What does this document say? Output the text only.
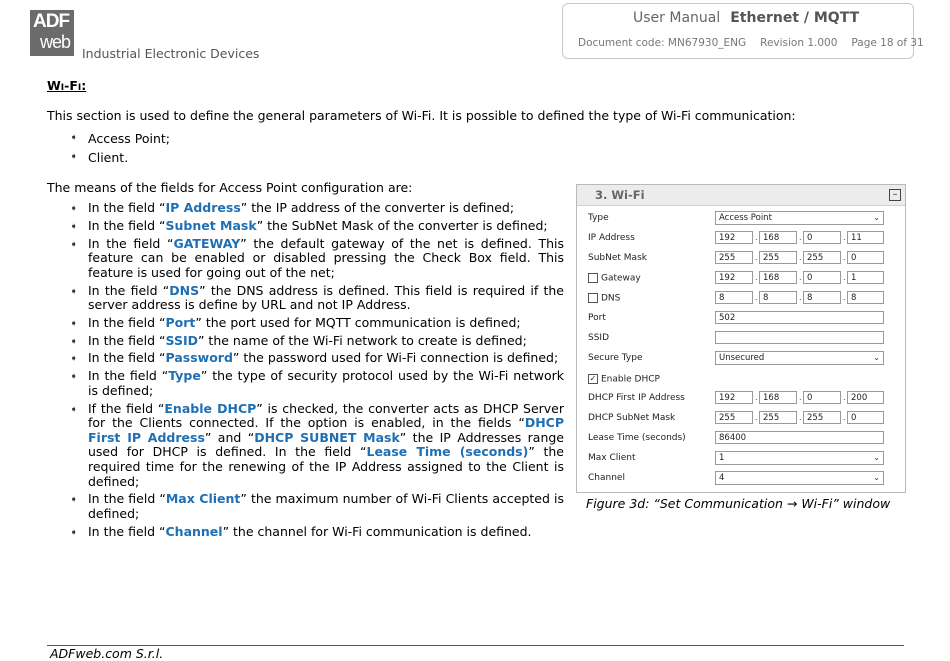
ADF
web
Industrial Electronic Devices
User Manual Ethernet / MQTT
Document code: MN67930_ENG Revision 1.000 Page 18 of 31
Wi-Fi:
This section is used to define the general parameters of Wi-Fi. It is possible to defined the type of Wi-Fi communication:
➧ Access Point;
➧ Client.
The means of the fields for Access Point configuration are:
➧ In the field “IP Address” the IP address of the converter is defined;
➧ In the field “Subnet Mask” the SubNet Mask of the converter is defined;
➧ In the field “GATEWAY” the default gateway of the net is defined. This feature can be enabled or disabled pressing the Check Box field. This feature is used for going out of the net;
➧ In the field “DNS” the DNS address is defined. This field is required if the server address is define by URL and not IP Address.
➧ In the field “Port” the port used for MQTT communication is defined;
➧ In the field “SSID” the name of the Wi-Fi network to create is defined;
➧ In the field “Password” the password used for Wi-Fi connection is defined;
➧ In the field “Type” the type of security protocol used by the Wi-Fi network is defined;
➧ If the field “Enable DHCP” is checked, the converter acts as DHCP Server for the Clients connected. If the option is enabled, in the fields “DHCP First IP Address” and “DHCP SUBNET Mask” the IP Addresses range used for DHCP is defined. In the field “Lease Time (seconds)” the required time for the renewing of the IP Address assigned to the Client is defined;
➧ In the field “Max Client” the maximum number of Wi-Fi Clients accepted is defined;
➧ In the field “Channel” the channel for Wi-Fi communication is defined.
3. Wi-Fi	–
Type	Access Point	⌄
IP Address	192	. 168	. 0	. 11
SubNet Mask	255	. 255	. 255	. 0
Gateway	192	. 168	. 0	. 1
DNS	8	. 8	. 8	. 8
Port	502
SSID
Secure Type	Unsecured	⌄
✓ Enable DHCP
DHCP First IP Address	192	. 168	. 0	. 200
DHCP SubNet Mask	255	. 255	. 255	. 0
Lease Time (seconds)	86400
Max Client	1	⌄
Channel	4	⌄
Figure 3d: “Set Communication → Wi-Fi” window
ADFweb.com S.r.l.
